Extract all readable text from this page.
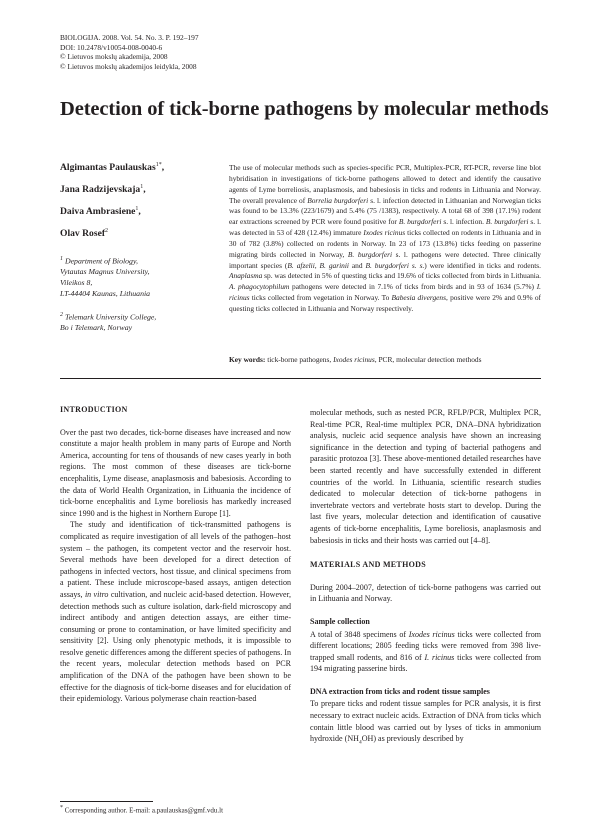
BIOLOGIJA. 2008. Vol. 54. No. 3. P. 192–197
DOI: 10.2478/v10054-008-0040-6
© Lietuvos mokslų akademija, 2008
© Lietuvos mokslų akademijos leidykla, 2008
Detection of tick-borne pathogens by molecular methods
Algimantas Paulauskas$^{1*}$,
Jana Radzijevskaja$^1$,
Daiva Ambrasiene$^1$,
Olav Rosef$^2$
$^1$ Department of Biology,
Vytautas Magnus University,
Vileikos 8,
LT-44404 Kaunas, Lithuania
$^2$ Telemark University College,
Bo i Telemark, Norway
The use of molecular methods such as species-specific PCR, Multiplex-PCR, RT-PCR, reverse line blot hybridisation in investigations of tick-borne pathogens allowed to detect and identify the causative agents of Lyme borreliosis, anaplasmosis, and babesiosis in ticks and rodents in Lithuania and Norway. The overall prevalence of Borrelia burgdorferi s. l. infection detected in Lithuanian and Norwegian ticks was found to be 13.3% (223/1679) and 5.4% (75 /1383), respectively. A total 68 of 398 (17.1%) rodent ear extractions screened by PCR were found positive for B. burgdorferi s. l. infection. B. burgdorferi s. l. was detected in 53 of 428 (12.4%) immature Ixodes ricinus ticks collected on rodents in Lithuania and in 30 of 782 (3.8%) collected on rodents in Norway. In 23 of 173 (13.8%) ticks feeding on passerine migrating birds collected in Norway, B. burgdorferi s. l. pathogens were detected. Three clinically important species (B. afzelii, B. garinii and B. burgdorferi s. s.) were identified in ticks and rodents. Anaplasma sp. was detected in 5% of questing ticks and 19.6% of ticks collected from birds in Lithuania. A. phagocytophilum pathogens were detected in 7.1% of ticks from birds and in 93 of 1634 (5.7%) I. ricinus ticks collected from vegetation in Norway. To Babesia divergens, positive were 2% and 0.9% of questing ticks collected in Lithuania and Norway respectively.
Key words: tick-borne pathogens, Ixodes ricinus, PCR, molecular detection methods
INTRODUCTION

Over the past two decades, tick-borne diseases have increased and now constitute a major health problem in many parts of Europe and North America, accounting for tens of thousands of new cases yearly in both regions. The most common of these diseases are tick-borne encephalitis, Lyme disease, anaplasmosis and babesiosis. According to the data of World Health Organization, in Lithuania the incidence of tick-borne encephalitis and Lyme boreliosis has markedly increased since 1990 and is the highest in Northern Europe [1].

The study and identification of tick-transmitted pathogens is complicated as require investigation of all levels of the pathogen–host system – the pathogen, its competent vector and the reservoir host. Several methods have been developed for a direct detection of pathogens in infected vectors, host tissue, and clinical specimens from a patient. These include microscope-based assays, antigen detection assays, in vitro cultivation, and nucleic acid-based detection. However, detection methods such as culture isolation, dark-field microscopy and indirect antibody and antigen detection assays, are either time-consuming or prone to contamination, or have limited specificity and sensitivity [2]. Using only phenotypic methods, it is impossible to resolve genetic differences among the different species of pathogens. In the recent years, molecular detection methods based on PCR amplification of the DNA of the pathogen have been shown to be effective for the diagnosis of tick-borne diseases and for elucidation of their epidemiology. Various polymerase chain reaction-based

molecular methods, such as nested PCR, RFLP/PCR, Multiplex PCR, Real-time PCR, Real-time multiplex PCR, DNA–DNA hybridization analysis, nucleic acid sequence analysis have shown an increasing significance in the detection and typing of bacterial pathogens and parasitic protozoa [3]. These above-mentioned detailed researches have been started recently and have successfully extended in different countries of the world. In Lithuania, scientific research studies dedicated to molecular detection of tick-borne pathogens in invertebrate vectors and vertebrate hosts start to develop. During the last five years, molecular detection and identification of causative agents of tick-borne encephalitis, Lyme boreliosis, anaplasmosis and babesiosis in ticks and their hosts was carried out [4–8].

MATERIALS AND METHODS

During 2004–2007, detection of tick-borne pathogens was carried out in Lithuania and Norway.

Sample collection

A total of 3848 specimens of Ixodes ricinus ticks were collected from different locations; 2805 feeding ticks were removed from 398 live-trapped small rodents, and 816 of I. ricinus ticks were collected from 194 migrating passerine birds.

DNA extraction from ticks and rodent tissue samples

To prepare ticks and rodent tissue samples for PCR analysis, it is first necessary to extract nucleic acids. Extraction of DNA from ticks which contain little blood was carried out by lyses of ticks in ammonium hydroxide $(NH_4OH)$ as previously described by

* Corresponding author. E-mail: a.paulauskas@gmf.vdu.lt
